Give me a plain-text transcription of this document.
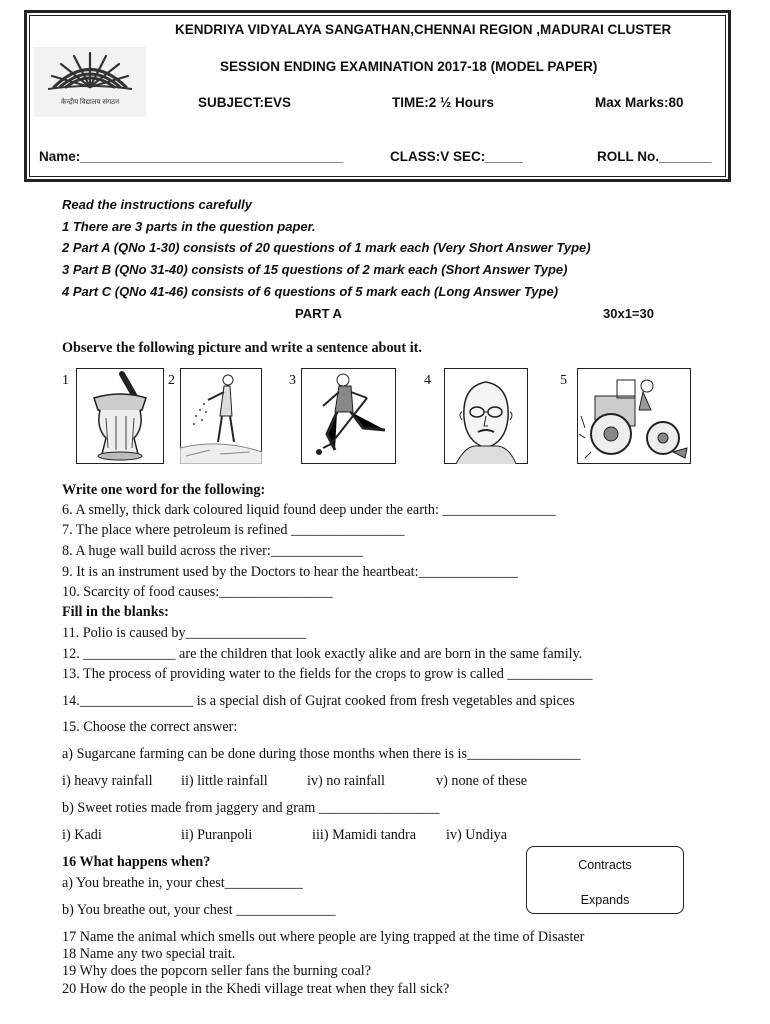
केन्द्रीय विद्यालय संगठन
KENDRIYA VIDYALAYA SANGATHAN,CHENNAI REGION ,MADURAI CLUSTER
SESSION ENDING EXAMINATION 2017-18 (MODEL PAPER)
SUBJECT:EVS	TIME:2 ½ Hours	Max Marks:80
Name:___________________________________	CLASS:V SEC:_____	ROLL No._______
Read the instructions carefully
1 There are 3 parts in the question paper.
2 Part A (QNo 1-30) consists of 20 questions of 1 mark each (Very Short Answer Type)
3 Part B (QNo 31-40) consists of 15 questions of 2 mark each (Short Answer Type)
4 Part C (QNo 41-46) consists of 6 questions of 5 mark each (Long Answer Type)
PART A	30x1=30
Observe the following picture and write a sentence about it.
1	2	3	4	5
Write one word for the following:
6. A smelly, thick dark coloured liquid found deep under the earth: ________________
7. The place where petroleum is refined ________________
8. A huge wall build across the river:_____________
9. It is an instrument used by the Doctors to hear the heartbeat:______________
10. Scarcity of food causes:________________
Fill in the blanks:
11. Polio is caused by_________________
12. _____________ are the children that look exactly alike and are born in the same family.
13. The process of providing water to the fields for the crops to grow is called ____________
14.________________ is a special dish of Gujrat cooked from fresh vegetables and spices
15. Choose the correct answer:
a) Sugarcane farming can be done during those months when there is is________________
i) heavy rainfall ii) little rainfall	iv) no rainfall	v) none of these
b) Sweet roties made from jaggery and gram _________________
i) Kadi	ii) Puranpoli	iii) Mamidi tandra iv) Undiya
16 What happens when?
a) You breathe in, your chest___________
b) You breathe out, your chest ______________
Contracts
Expands
17 Name the animal which smells out where people are lying trapped at the time of Disaster
18 Name any two special trait.
19 Why does the popcorn seller fans the burning coal?
20 How do the people in the Khedi village treat when they fall sick?
